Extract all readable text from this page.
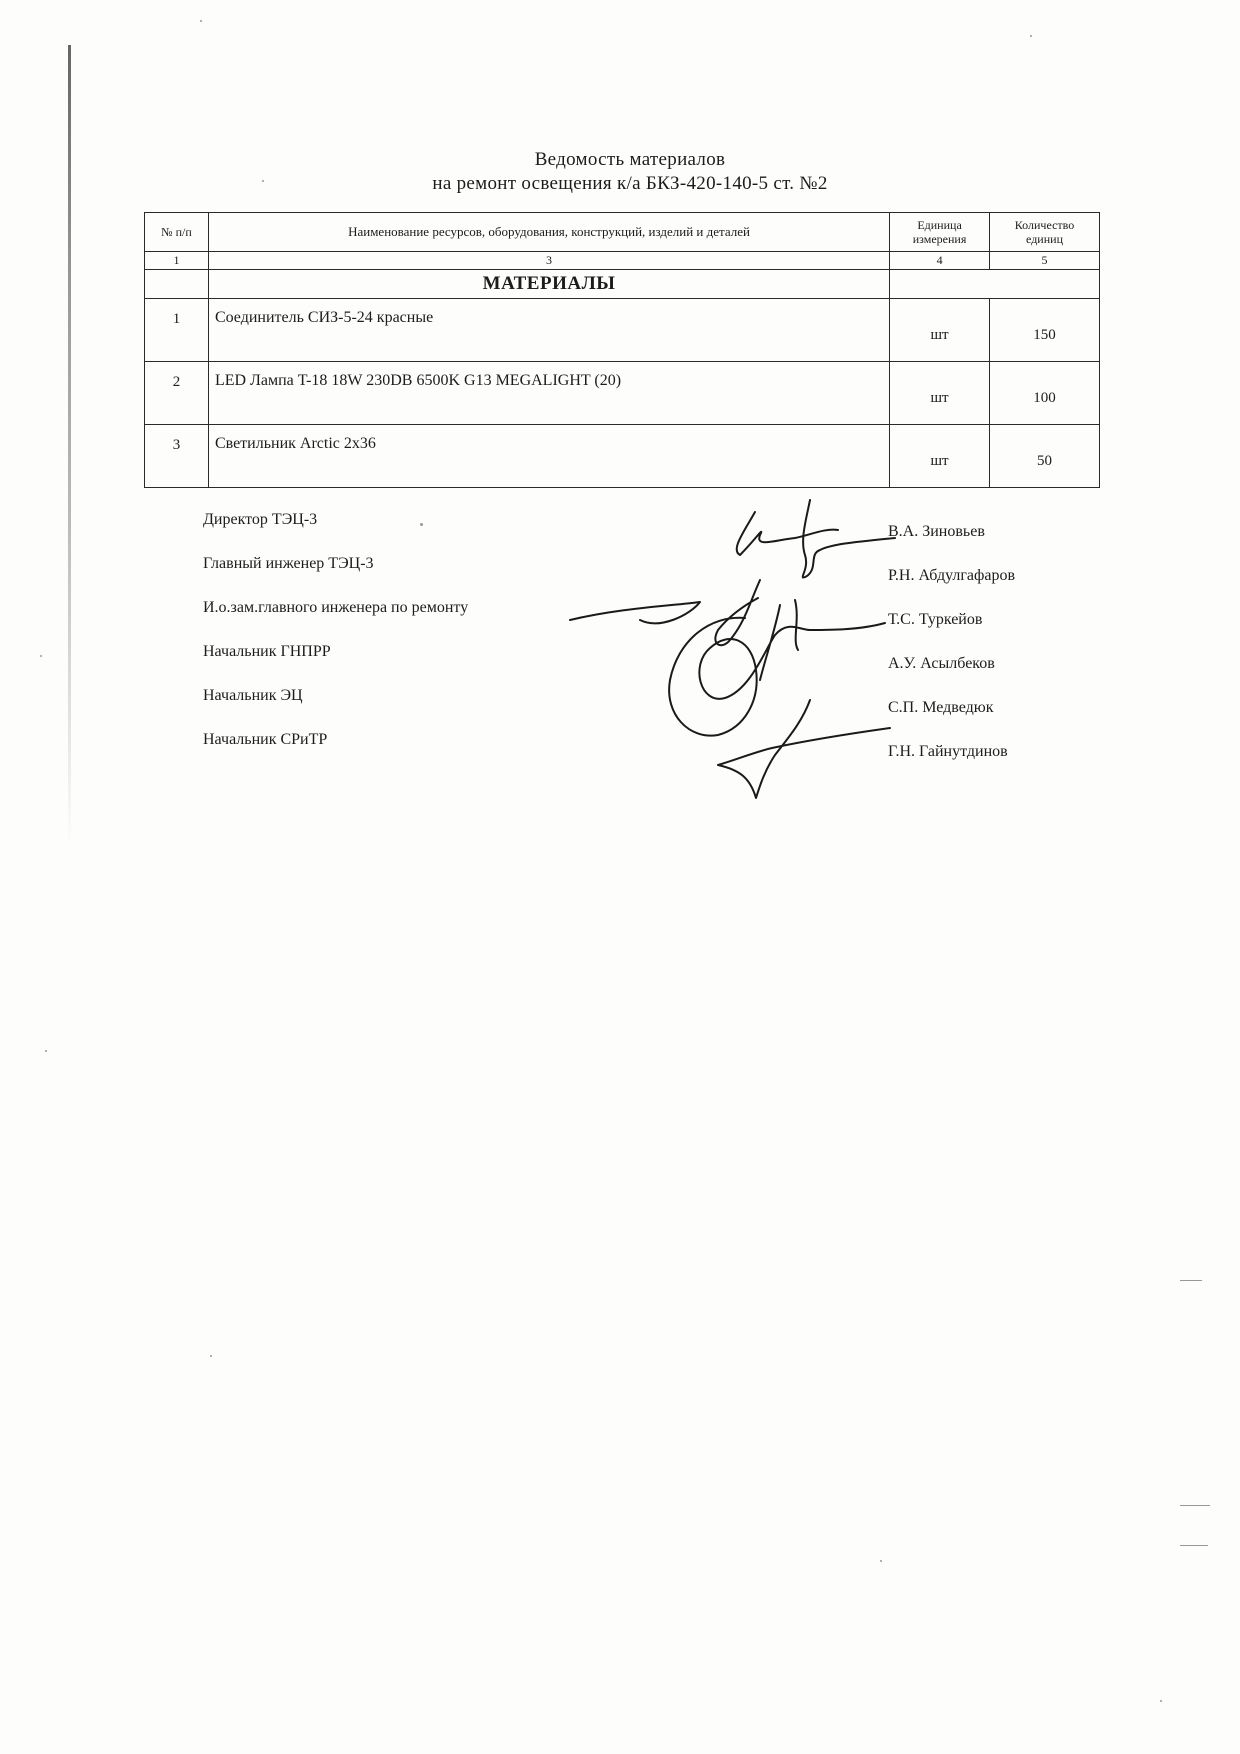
Ведомость материалов
на ремонт освещения к/а БКЗ-420-140-5 ст. №2
№ п/п	Наименование ресурсов, оборудования, конструкций, изделий и деталей	Единица измерения	Количество единиц
1	3	4	5
	МАТЕРИАЛЫ		
1	Соединитель СИЗ-5-24 красные	шт	150
2	LED Лампа T-18 18W 230DB 6500K G13 MEGALIGHT (20)	шт	100
3	Светильник Arctic 2x36	шт	50
Директор ТЭЦ-3
Главный инженер ТЭЦ-3
И.о.зам.главного инженера по ремонту
Начальник ГНПРР
Начальник ЭЦ
Начальник СРиТР
В.А. Зиновьев
Р.Н. Абдулгафаров
Т.С. Туркейов
А.У. Асылбеков
С.П. Медведюк
Г.Н. Гайнутдинов
